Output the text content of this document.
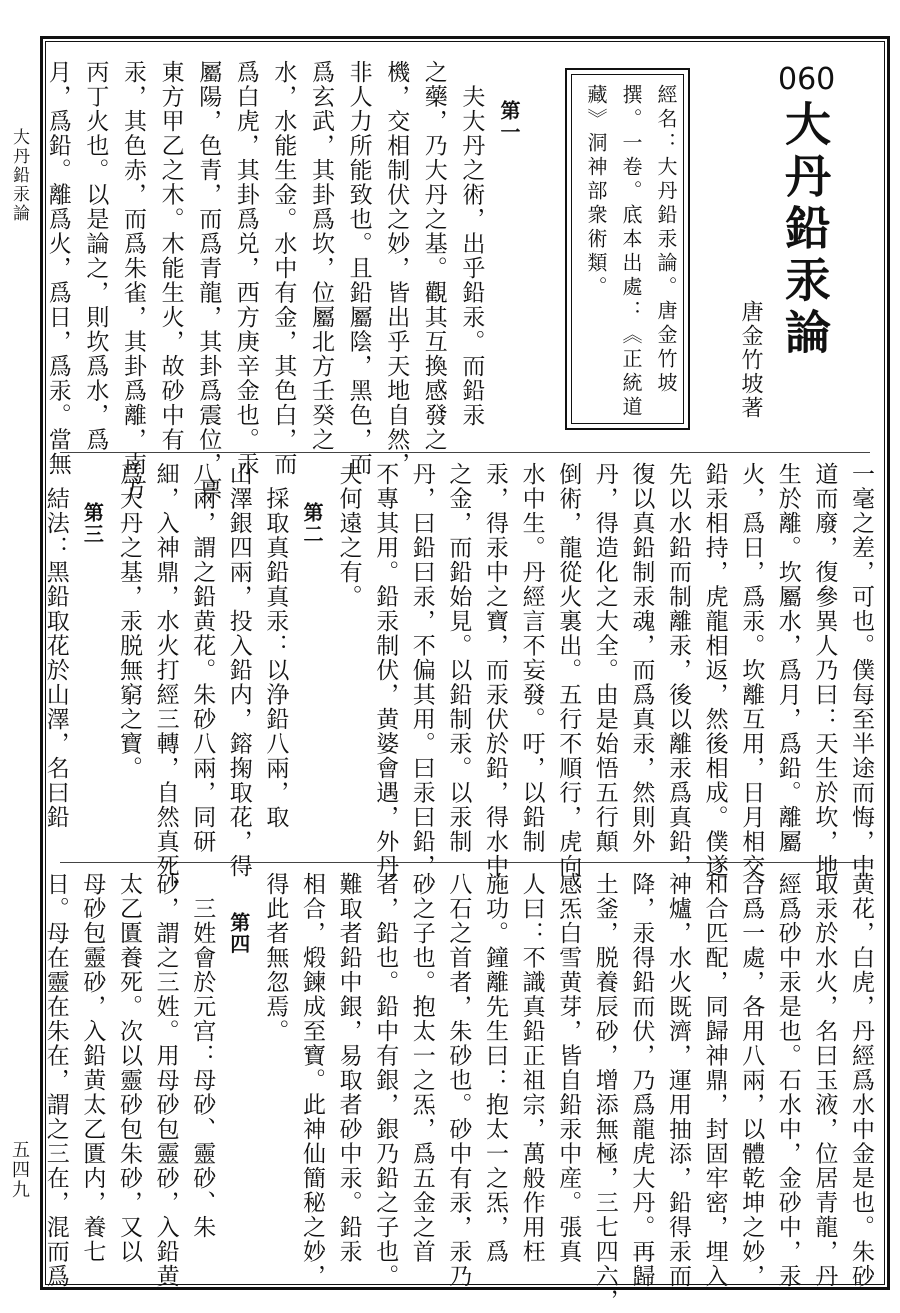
大丹鉛汞論
五四九
060
大丹鉛汞論
唐金竹坡著
經名：大丹鉛汞論。唐金竹坡
撰。一卷。底本出處：《正統道
藏》洞神部衆術類。
第一
　夫大丹之術，出乎鉛汞。而鉛汞
之藥，乃大丹之基。觀其互換感發之
機，交相制伏之妙，皆出乎天地自然，
非人力所能致也。且鉛屬陰，黑色，而
爲玄武，其卦爲坎，位屬北方壬癸之
水，水能生金。水中有金，其色白，而
爲白虎，其卦爲兑，西方庚辛金也。汞
屬陽，色青，而爲青龍，其卦爲震位，禀
東方甲乙之木。木能生火，故砂中有
汞，其色赤，而爲朱雀，其卦爲離，南方
丙丁火也。以是論之，則坎爲水，爲
月，爲鉛。離爲火，爲日，爲汞。當無
一毫之差，可也。僕每至半途而悔，中
道而廢，復參異人乃曰：天生於坎，地
生於離。坎屬水，爲月，爲鉛。離屬
火，爲日，爲汞。坎離互用，日月相交，
鉛汞相持，虎龍相返，然後相成。僕遂
先以水鉛而制離汞，後以離汞爲真鉛，
復以真鉛制汞魂，而爲真汞，然則外
丹，得造化之大全。由是始悟五行顛
倒術，龍從火裏出。五行不順行，虎向
水中生。丹經言不妄發。吁，以鉛制
汞，得汞中之寶，而汞伏於鉛，得水中
之金，而鉛始見。以鉛制汞。以汞制
丹，曰鉛曰汞，不偏其用。曰汞曰鉛，
不專其用。鉛汞制伏，黄婆會遇，外丹
夫何遠之有。
第二
　採取真鉛真汞：以浄鉛八兩，取
山澤銀四兩，投入鉛内，鎔掬取花，得
八兩，謂之鉛黄花。朱砂八兩，同研
細，入神鼎，水火打經三轉，自然真死，
爲大丹之基，汞脱無窮之寶。
第三
　結法：黑鉛取花於山澤，名曰鉛
黄花，白虎，丹經爲水中金是也。朱砂
取汞於水火，名曰玉液，位居青龍，丹
經爲砂中汞是也。石水中，金砂中，汞
合爲一處，各用八兩，以體乾坤之妙，
和合匹配，同歸神鼎，封固牢密，埋入
神爐，水火既濟，運用抽添，鉛得汞而
降，汞得鉛而伏，乃爲龍虎大丹。再歸
土釜，脱養辰砂，增添無極，三七四六，
感炁白雪黄芽，皆自鉛汞中産。張真
人曰：不識真鉛正祖宗，萬般作用枉
施功。鐘離先生曰：抱太一之炁，爲
八石之首者，朱砂也。砂中有汞，汞乃
砂之子也。抱太一之炁，爲五金之首
者，鉛也。鉛中有銀，銀乃鉛之子也。
難取者鉛中銀，易取者砂中汞。鉛汞
相合，煅鍊成至寶。此神仙簡秘之妙，
得此者無忽焉。
第四
　三姓會於元宫：母砂、靈砂、朱
砂，謂之三姓。用母砂包靈砂，入鉛黄
太乙匱養死。次以靈砂包朱砂，又以
母砂包靈砂，入鉛黄太乙匱内，養七
日。母在靈在朱在，謂之三在，混而爲
